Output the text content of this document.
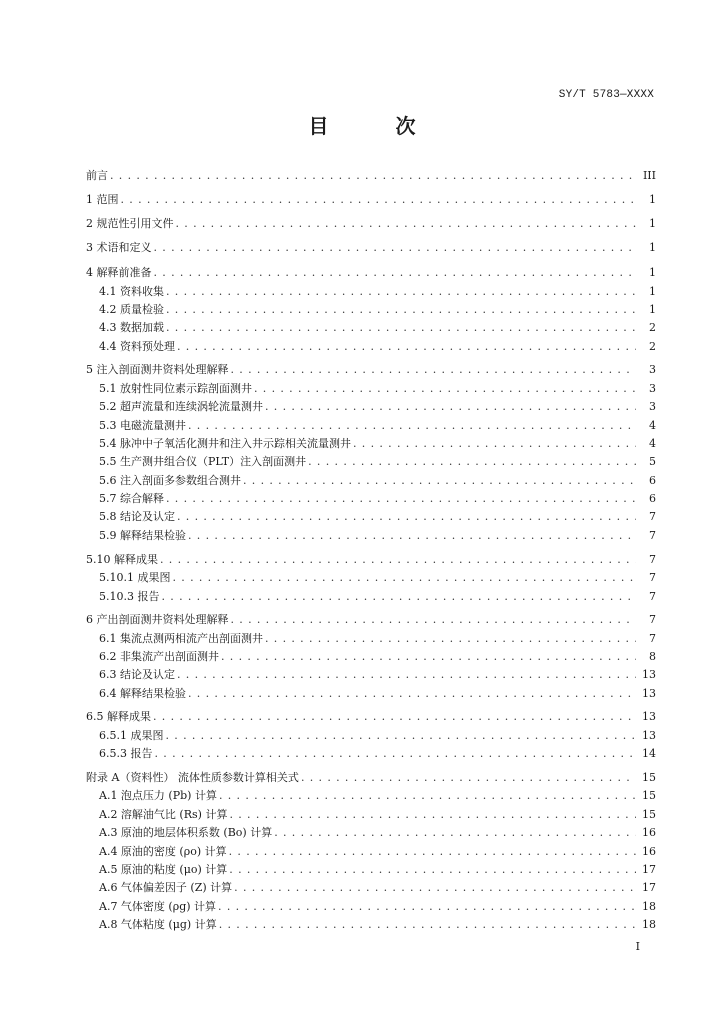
SY/T 5783—XXXX
目 次
前言 . . .	III
1 范围 . . .	1
2 规范性引用文件 . . .	1
3 术语和定义 . . .	1
4 解释前准备 . . .	1
4.1 资料收集 . . .	1
4.2 质量检验 . . .	1
4.3 数据加载 . . .	2
4.4 资料预处理 . . .	2
5 注入剖面测井资料处理解释 . . .	3
5.1 放射性同位素示踪剖面测井 . . .	3
5.2 超声流量和连续涡轮流量测井 . . .	3
5.3 电磁流量测井 . . .	4
5.4 脉冲中子氧活化测井和注入井示踪相关流量测井 . . .	4
5.5 生产测井组合仪（PLT）注入剖面测井 . . .	5
5.6 注入剖面多参数组合测井 . . .	6
5.7 综合解释 . . .	6
5.8 结论及认定 . . .	7
5.9 解释结果检验 . . .	7
5.10 解释成果 . . .	7
5.10.1 成果图 . . .	7
5.10.3 报告 . . .	7
6 产出剖面测井资料处理解释 . . .	7
6.1 集流点测两相流产出剖面测井 . . .	7
6.2 非集流产出剖面测井 . . .	8
6.3 结论及认定 . . .	13
6.4 解释结果检验 . . .	13
6.5 解释成果 . . .	13
6.5.1 成果图 . . .	13
6.5.3 报告 . . .	14
附录 A（资料性） 流体性质参数计算相关式 . . .	15
A.1 泡点压力 (Pb) 计算 . . .	15
A.2 溶解油气比 (Rs) 计算 . . .	15
A.3 原油的地层体积系数 (Bo) 计算 . . .	16
A.4 原油的密度 (ρo) 计算 . . .	16
A.5 原油的粘度 (μo) 计算 . . .	17
A.6 气体偏差因子 (Z) 计算 . . .	17
A.7 气体密度 (ρg) 计算 . . .	18
A.8 气体粘度 (μg) 计算 . . .	18
I
